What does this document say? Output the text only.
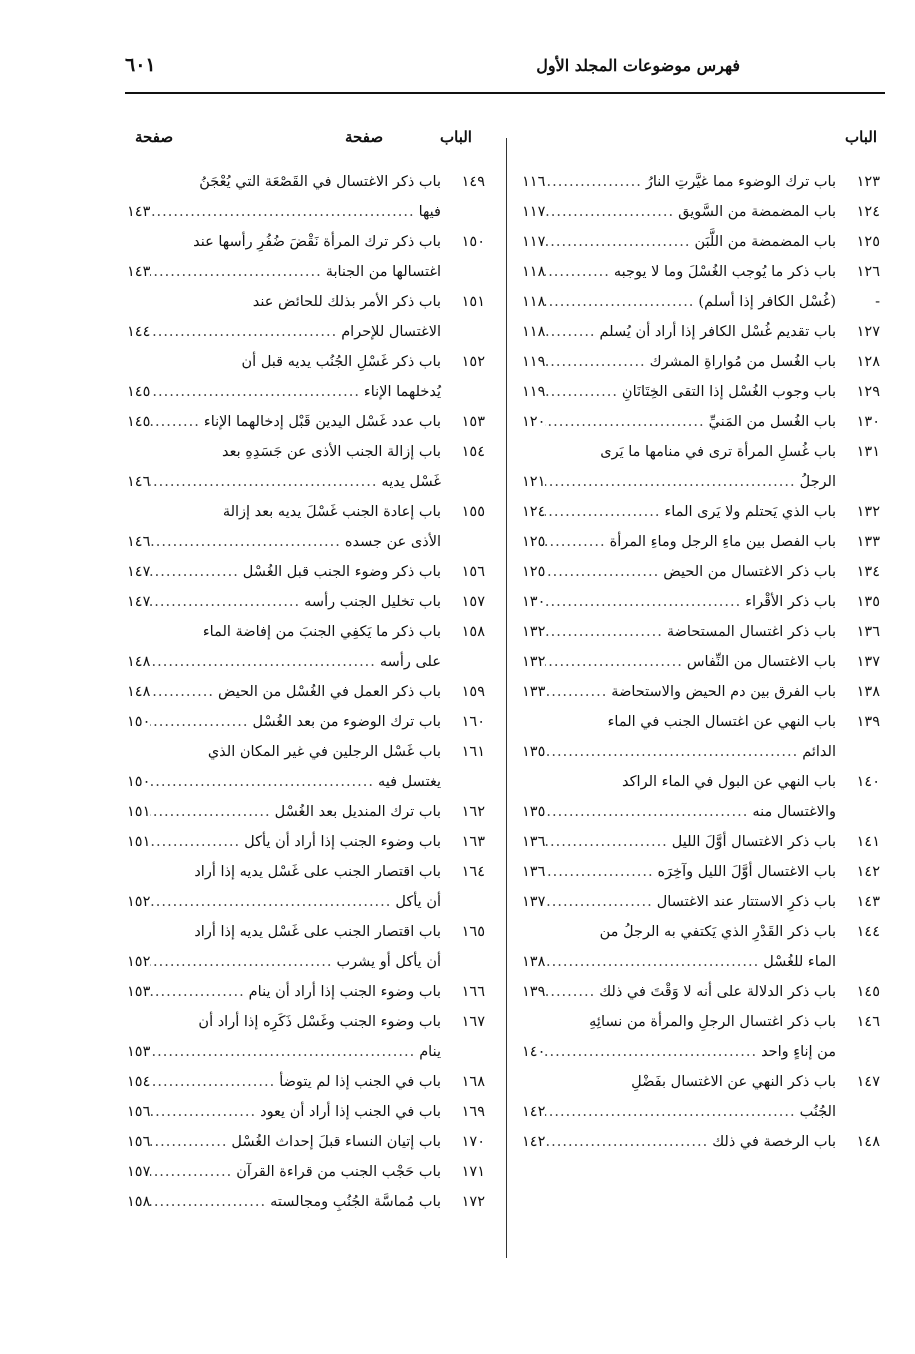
فهرس موضوعات المجلد الأول
٦٠١
الباب
صفحة	الباب
صفحة
١٢٣
باب ترك الوضوء مما غيَّرتِ النارُ
.....
١١٦
١٢٤
باب المضمضة من السَّويق
.....
١١٧
١٢٥
باب المضمضة من اللَّبَن
.....
١١٧
١٢٦
باب ذكر ما يُوجب الغُسْلَ وما لا يوجبه
.....
١١٨
-
(غُسْل الكافر إذا أسلم)
.....
١١٨
١٢٧
باب تقديم غُسْل الكافر إذا أراد أن يُسلم
.....
١١٨
١٢٨
باب الغُسل من مُواراةِ المشرك
.....
١١٩
١٢٩
باب وجوب الغُسْل إذا التقى الخِتَانَانِ
.....
١١٩
١٣٠
باب الغُسل من المَنيِّ
.....
١٢٠
١٣١
باب غُسلِ المرأة ترى في منامها ما يَرى
الرجلُ
.....
١٢١
١٣٢
باب الذي يَحتلم ولا يَرى الماء
.....
١٢٤
١٣٣
باب الفصل بين ماءِ الرجل وماءِ المرأة
.....
١٢٥
١٣٤
باب ذكر الاغتسال من الحيض
.....
١٢٥
١٣٥
باب ذكر الأقْراء
.....
١٣٠
١٣٦
باب ذكر اغتسال المستحاضة
.....
١٣٢
١٣٧
باب الاغتسال من النِّفاس
.....
١٣٢
١٣٨
باب الفرق بين دم الحيض والاستحاضة
.....
١٣٣
١٣٩
باب النهي عن اغتسال الجنب في الماء
الدائم
.....
١٣٥
١٤٠
باب النهي عن البول في الماء الراكد
والاغتسال منه
.....
١٣٥
١٤١
باب ذكر الاغتسال أوَّلَ الليل
.....
١٣٦
١٤٢
باب الاغتسال أوَّلَ الليل وآخِرَه
.....
١٣٦
١٤٣
باب ذكرِ الاستتار عند الاغتسال
.....
١٣٧
١٤٤
باب ذكر القَدْرِ الذي يَكتفي به الرجلُ من
الماء للغُسْل
.....
١٣٨
١٤٥
باب ذكر الدلالة على أنه لا وَقْتَ في ذلك
.....
١٣٩
١٤٦
باب ذكر اغتسال الرجلِ والمرأة من نسائِهِ
من إناءٍ واحد
.....
١٤٠
١٤٧
باب ذكر النهي عن الاغتسال بفَضْلِ
الجُنُب
.....
١٤٢
١٤٨
باب الرخصة في ذلك
.....
١٤٢
١٤٩
باب ذكر الاغتسال في القَصْعَة التي يُعْجَنُ
فيها
.....
١٤٣
١٥٠
باب ذكر ترك المرأة نَقْضَ ضُفُرِ رأسها عند
اغتسالها من الجنابة
.....
١٤٣
١٥١
باب ذكر الأمر بذلك للحائض عند
الاغتسال للإحرام
.....
١٤٤
١٥٢
باب ذكر غَسْلِ الجُنُب يديه قبل أن
يُدخلهما الإناء
.....
١٤٥
١٥٣
باب عدد غَسْل اليدين قَبْل إدخالهما الإناء
.....
١٤٥
١٥٤
باب إزالة الجنب الأذى عن جَسَدِهِ بعد
غَسْل يديه
.....
١٤٦
١٥٥
باب إعادة الجنب غَسْلَ يديه بعد إزالة
الأذى عن جسده
.....
١٤٦
١٥٦
باب ذكر وضوء الجنب قبل الغُسْل
.....
١٤٧
١٥٧
باب تخليل الجنب رأسه
.....
١٤٧
١٥٨
باب ذكر ما يَكفِي الجنبَ من إفاضة الماء
على رأسه
.....
١٤٨
١٥٩
باب ذكر العمل في الغُسْل من الحيض
.....
١٤٨
١٦٠
باب ترك الوضوء من بعد الغُسْل
.....
١٥٠
١٦١
باب غَسْل الرجلين في غير المكان الذي
يغتسل فيه
.....
١٥٠
١٦٢
باب ترك المنديل بعد الغُسْل
.....
١٥١
١٦٣
باب وضوء الجنب إذا أراد أن يأكل
.....
١٥١
١٦٤
باب اقتصار الجنب على غَسْل يديه إذا أراد
أن يأكل
.....
١٥٢
١٦٥
باب اقتصار الجنب على غَسْل يديه إذا أراد
أن يأكل أو يشرب
.....
١٥٢
١٦٦
باب وضوء الجنب إذا أراد أن ينام
.....
١٥٣
١٦٧
باب وضوء الجنب وغَسْل ذَكَرِه إذا أراد أن
ينام
.....
١٥٣
١٦٨
باب في الجنب إذا لم يتوضأ
.....
١٥٤
١٦٩
باب في الجنب إذا أراد أن يعود
.....
١٥٦
١٧٠
باب إتيان النساء قبلَ إحداث الغُسْل
.....
١٥٦
١٧١
باب حَجْب الجنب من قراءة القرآن
.....
١٥٧
١٧٢
باب مُماسَّة الجُنُبِ ومجالسته
.....
١٥٨
